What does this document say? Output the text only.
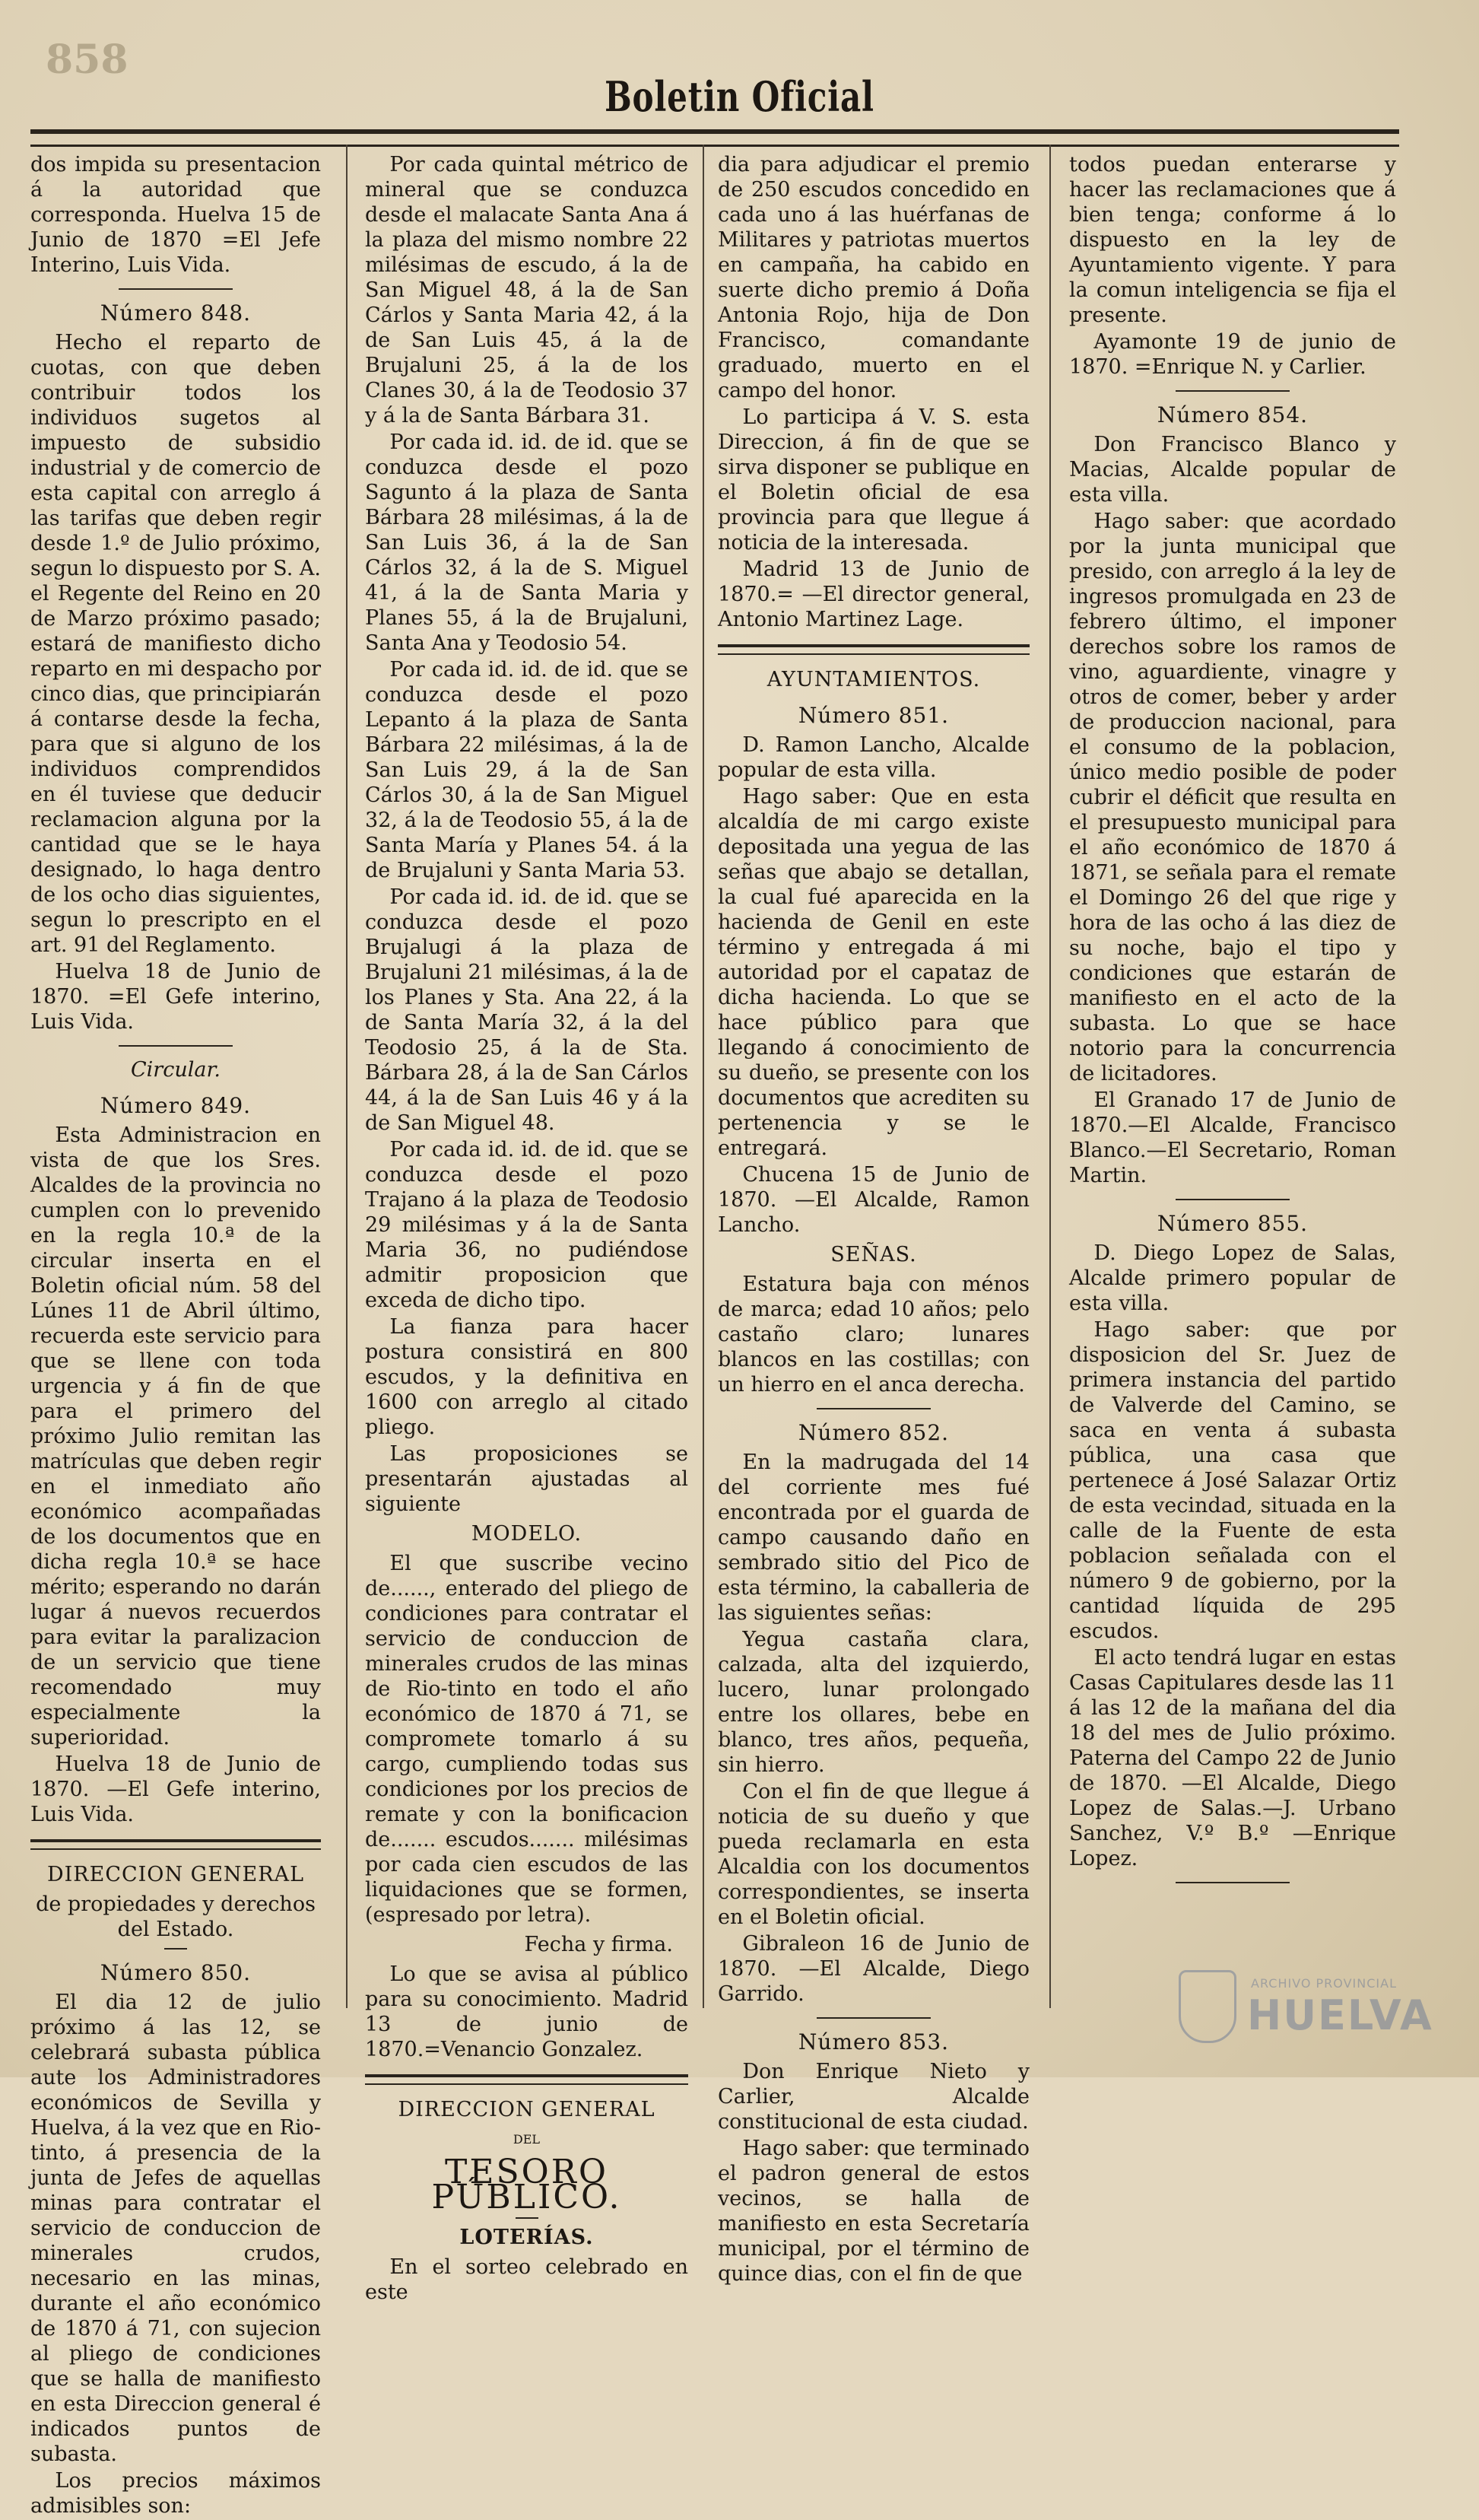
858
Boletin Oficial

dos impida su presentacion á la autoridad que corresponda. Huelva 15 de Junio de 1870 =El Jefe Interino, Luis Vida.

Número 848.

Hecho el reparto de cuotas, con que deben contribuir todos los individuos sugetos al impuesto de subsidio industrial y de comercio de esta capital con arreglo á las tarifas que deben regir desde 1.º de Julio próximo, segun lo dispuesto por S. A. el Regente del Reino en 20 de Marzo próximo pasado; estará de manifiesto dicho reparto en mi despacho por cinco dias, que principiarán á contarse desde la fecha, para que si alguno de los individuos comprendidos en él tuviese que deducir reclamacion alguna por la cantidad que se le haya designado, lo haga dentro de los ocho dias siguientes, segun lo prescripto en el art. 91 del Reglamento.

Huelva 18 de Junio de 1870. =El Gefe interino, Luis Vida.

Circular.
Número 849.

Esta Administracion en vista de que los Sres. Alcaldes de la provincia no cumplen con lo prevenido en la regla 10.ª de la circular inserta en el Boletin oficial núm. 58 del Lúnes 11 de Abril último, recuerda este servicio para que se llene con toda urgencia y á fin de que para el primero del próximo Julio remitan las matrículas que deben regir en el inmediato año económico acompañadas de los documentos que en dicha regla 10.ª se hace mérito; esperando no darán lugar á nuevos recuerdos para evitar la paralizacion de un servicio que tiene recomendado muy especialmente la superioridad.

Huelva 18 de Junio de 1870. —El Gefe interino, Luis Vida.

DIRECCION GENERAL
de propiedades y derechos del Estado.
Número 850.

El dia 12 de julio próximo á las 12, se celebrará subasta pública aute los Administradores económicos de Sevilla y Huelva, á la vez que en Rio-tinto, á presencia de la junta de Jefes de aquellas minas para contratar el servicio de conduccion de minerales crudos, necesario en las minas, durante el año económico de 1870 á 71, con sujecion al pliego de condiciones que se halla de manifiesto en esta Direccion general é indicados puntos de subasta.

Los precios máximos admisibles son:

Por cada quintal métrico de mineral que se conduzca desde el malacate Santa Ana á la plaza del mismo nombre 22 milésimas de escudo, á la de San Miguel 48, á la de San Cárlos y Santa Maria 42, á la de San Luis 45, á la de Brujaluni 25, á la de los Clanes 30, á la de Teodosio 37 y á la de Santa Bárbara 31.

Por cada id. id. de id. que se conduzca desde el pozo Sagunto á la plaza de Santa Bárbara 28 milésimas, á la de San Luis 36, á la de San Cárlos 32, á la de S. Miguel 41, á la de Santa Maria y Planes 55, á la de Brujaluni, Santa Ana y Teodosio 54.

Por cada id. id. de id. que se conduzca desde el pozo Lepanto á la plaza de Santa Bárbara 22 milésimas, á la de San Luis 29, á la de San Cárlos 30, á la de San Miguel 32, á la de Teodosio 55, á la de Santa María y Planes 54. á la de Brujaluni y Santa Maria 53.

Por cada id. id. de id. que se conduzca desde el pozo Brujalugi á la plaza de Brujaluni 21 milésimas, á la de los Planes y Sta. Ana 22, á la de Santa María 32, á la del Teodosio 25, á la de Sta. Bárbara 28, á la de San Cárlos 44, á la de San Luis 46 y á la de San Miguel 48.

Por cada id. id. de id. que se conduzca desde el pozo Trajano á la plaza de Teodosio 29 milésimas y á la de Santa Maria 36, no pudiéndose admitir proposicion que exceda de dicho tipo.

La fianza para hacer postura consistirá en 800 escudos, y la definitiva en 1600 con arreglo al citado pliego.

Las proposiciones se presentarán ajustadas al siguiente

MODELO.

El que suscribe vecino de......, enterado del pliego de condiciones para contratar el servicio de conduccion de minerales crudos de las minas de Rio-tinto en todo el año económico de 1870 á 71, se compromete tomarlo á su cargo, cumpliendo todas sus condiciones por los precios de remate y con la bonificacion de....... escudos....... milésimas por cada cien escudos de las liquidaciones que se formen, (espresado por letra).

Fecha y firma.

Lo que se avisa al público para su conocimiento. Madrid 13 de junio de 1870.=Venancio Gonzalez.

DIRECCION GENERAL
DEL
TESORO PÚBLICO.
LOTERÍAS.

En el sorteo celebrado en este

dia para adjudicar el premio de 250 escudos concedido en cada uno á las huérfanas de Militares y patriotas muertos en campaña, ha cabido en suerte dicho premio á Doña Antonia Rojo, hija de Don Francisco, comandante graduado, muerto en el campo del honor.

Lo participa á V. S. esta Direccion, á fin de que se sirva disponer se publique en el Boletin oficial de esa provincia para que llegue á noticia de la interesada.

Madrid 13 de Junio de 1870.= —El director general, Antonio Martinez Lage.

AYUNTAMIENTOS.
Número 851.

D. Ramon Lancho, Alcalde popular de esta villa.

Hago saber: Que en esta alcaldía de mi cargo existe depositada una yegua de las señas que abajo se detallan, la cual fué aparecida en la hacienda de Genil en este término y entregada á mi autoridad por el capataz de dicha hacienda. Lo que se hace público para que llegando á conocimiento de su dueño, se presente con los documentos que acrediten su pertenencia y se le entregará.

Chucena 15 de Junio de 1870. —El Alcalde, Ramon Lancho.

SEÑAS.

Estatura baja con ménos de marca; edad 10 años; pelo castaño claro; lunares blancos en las costillas; con un hierro en el anca derecha.

Número 852.

En la madrugada del 14 del corriente mes fué encontrada por el guarda de campo causando daño en sembrado sitio del Pico de esta término, la caballeria de las siguientes señas:

Yegua castaña clara, calzada, alta del izquierdo, lucero, lunar prolongado entre los ollares, bebe en blanco, tres años, pequeña, sin hierro.

Con el fin de que llegue á noticia de su dueño y que pueda reclamarla en esta Alcaldia con los documentos correspondientes, se inserta en el Boletin oficial.

Gibraleon 16 de Junio de 1870. —El Alcalde, Diego Garrido.

Número 853.

Don Enrique Nieto y Carlier, Alcalde constitucional de esta ciudad.

Hago saber: que terminado el padron general de estos vecinos, se halla de manifiesto en esta Secretaría municipal, por el término de quince dias, con el fin de que

todos puedan enterarse y hacer las reclamaciones que á bien tenga; conforme á lo dispuesto en la ley de Ayuntamiento vigente. Y para la comun inteligencia se fija el presente.

Ayamonte 19 de junio de 1870. =Enrique N. y Carlier.

Número 854.

Don Francisco Blanco y Macias, Alcalde popular de esta villa.

Hago saber: que acordado por la junta municipal que presido, con arreglo á la ley de ingresos promulgada en 23 de febrero último, el imponer derechos sobre los ramos de vino, aguardiente, vinagre y otros de comer, beber y arder de produccion nacional, para el consumo de la poblacion, único medio posible de poder cubrir el déficit que resulta en el presupuesto municipal para el año económico de 1870 á 1871, se señala para el remate el Domingo 26 del que rige y hora de las ocho á las diez de su noche, bajo el tipo y condiciones que estarán de manifiesto en el acto de la subasta. Lo que se hace notorio para la concurrencia de licitadores.

El Granado 17 de Junio de 1870.—El Alcalde, Francisco Blanco.—El Secretario, Roman Martin.

Número 855.

D. Diego Lopez de Salas, Alcalde primero popular de esta villa.

Hago saber: que por disposicion del Sr. Juez de primera instancia del partido de Valverde del Camino, se saca en venta á subasta pública, una casa que pertenece á José Salazar Ortiz de esta vecindad, situada en la calle de la Fuente de esta poblacion señalada con el número 9 de gobierno, por la cantidad líquida de 295 escudos.

El acto tendrá lugar en estas Casas Capitulares desde las 11 á las 12 de la mañana del dia 18 del mes de Julio próximo. Paterna del Campo 22 de Junio de 1870. —El Alcalde, Diego Lopez de Salas.—J. Urbano Sanchez, V.º B.º —Enrique Lopez.

ARCHIVO PROVINCIAL
HUELVA
